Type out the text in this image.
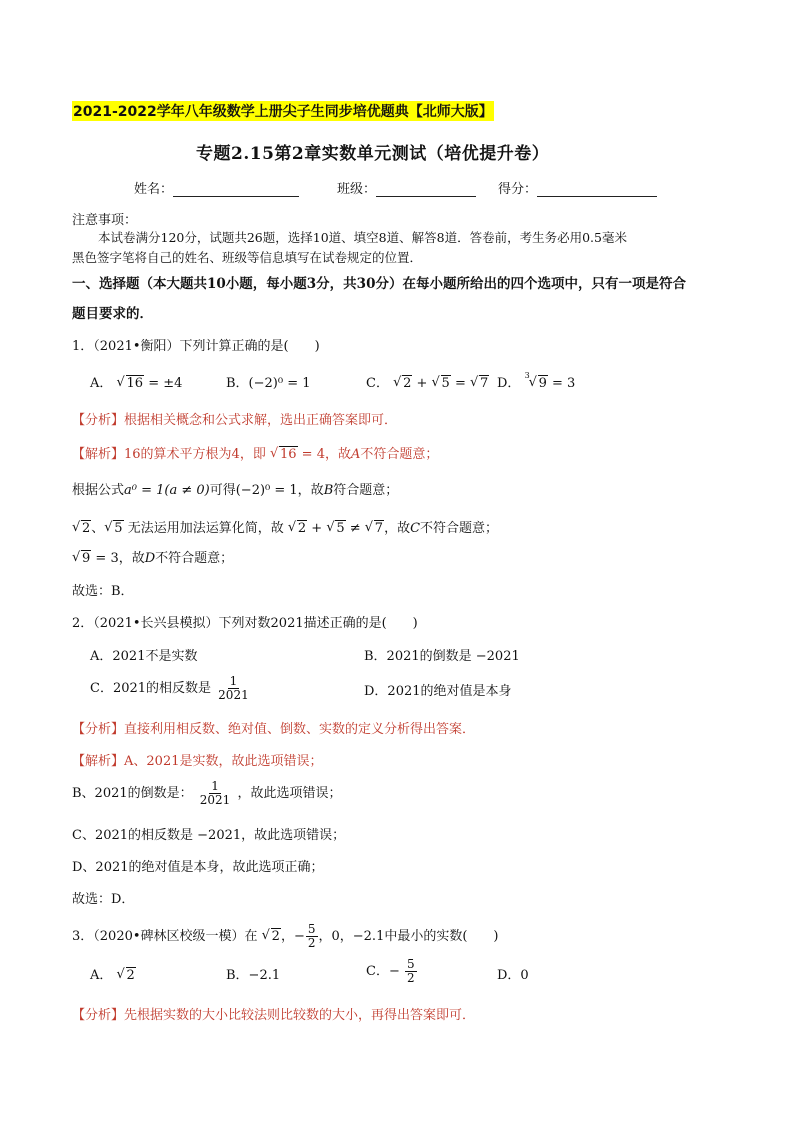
2021-2022学年八年级数学上册尖子生同步培优题典【北师大版】
专题2.15第2章实数单元测试（培优提升卷）
姓名：	班级：	得分：
注意事项：
本试卷满分120分，试题共26题，选择10道、填空8道、解答8道．答卷前，考生务必用0.5毫米
黑色签字笔将自己的姓名、班级等信息填写在试卷规定的位置．
一、选择题（本大题共10小题，每小题3分，共30分）在每小题所给出的四个选项中，只有一项是符合
题目要求的．
1．（2021•衡阳）下列计算正确的是(　　)
A． √ 16 = ±4	B．(−2)⁰ = 1	C． √ 2 + √ 5 = √ 7 D．
3
√ 9 = 3
【分析】根据相关概念和公式求解，选出正确答案即可．
【解析】16的算术平方根为4，即 √ 16 = 4，故A不符合题意；
根据公式a⁰ = 1(a ≠ 0)可得(−2)⁰ = 1，故B符合题意；
√ 2、 √ 5 无法运用加法运算化简，故 √ 2 + √ 5 ≠ √ 7，故C不符合题意；
√ 9 = 3，故D不符合题意；
故选：B．
2．（2021•长兴县模拟）下列对数2021描述正确的是(　　)
A．2021不是实数	B．2021的倒数是 −2021
C．2021的相反数是 $\frac{1}{2021}$	D．2021的绝对值是本身
【分析】直接利用相反数、绝对值、倒数、实数的定义分析得出答案．
【解析】A、2021是实数，故此选项错误；
B、2021的倒数是： $\frac{1}{2021}$ ，故此选项错误；
C、2021的相反数是 −2021，故此选项错误；
D、2021的绝对值是本身，故此选项正确；
故选：D．
3．（2020•碑林区校级一模）在 √ 2，− $\frac{5}{2}$ ，0，−2.1中最小的实数(　　)
A． √ 2	B．−2.1	C．− $\frac{5}{2}$	D．0
【分析】先根据实数的大小比较法则比较数的大小，再得出答案即可．
